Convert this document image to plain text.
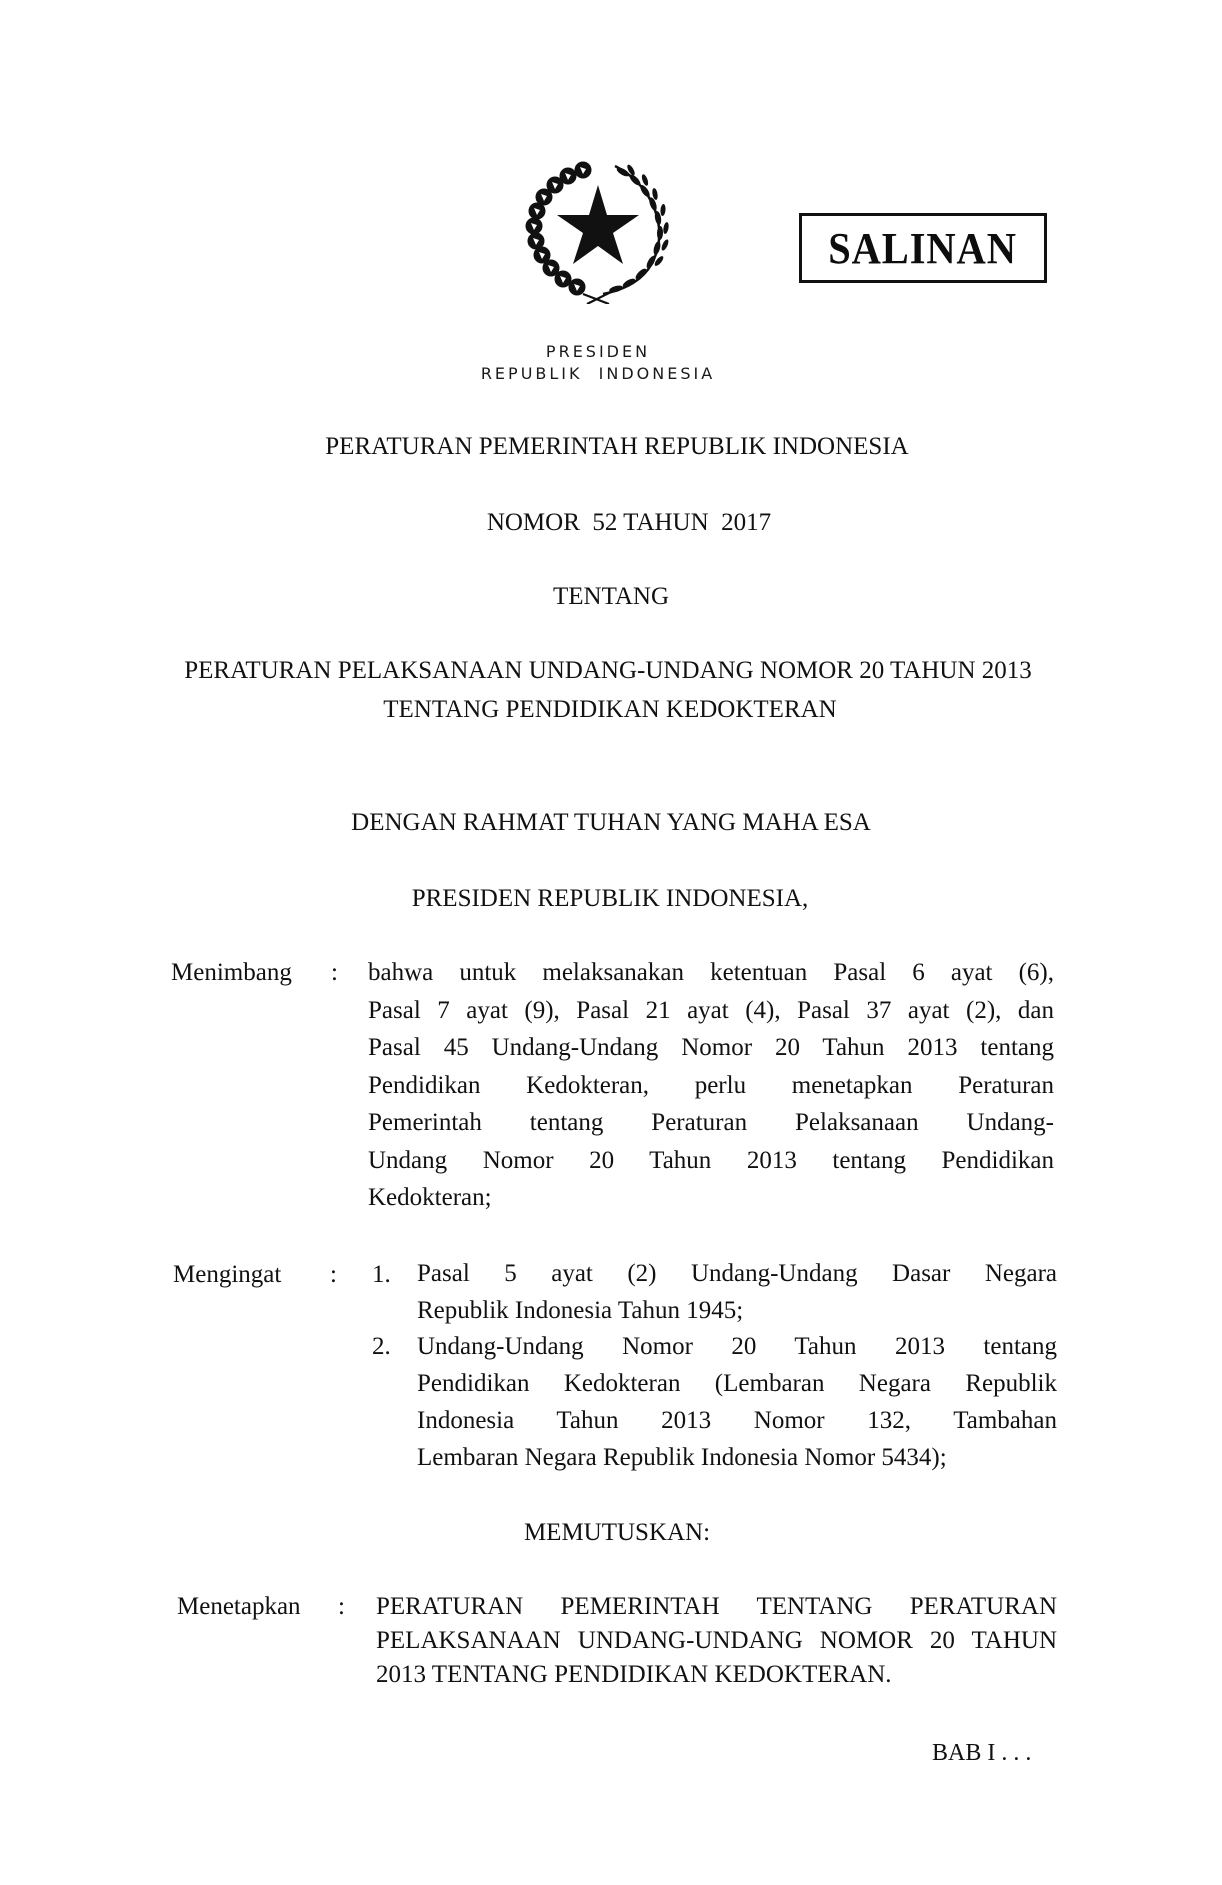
SALINAN
PRESIDEN
REPUBLIK  INDONESIA
PERATURAN PEMERINTAH REPUBLIK INDONESIA
NOMOR  52 TAHUN  2017
TENTANG
PERATURAN PELAKSANAAN UNDANG-UNDANG NOMOR 20 TAHUN 2013
TENTANG PENDIDIKAN KEDOKTERAN
DENGAN RAHMAT TUHAN YANG MAHA ESA
PRESIDEN REPUBLIK INDONESIA,
Menimbang : bahwa untuk melaksanakan ketentuan Pasal 6 ayat (6),
Pasal 7 ayat (9), Pasal 21 ayat (4), Pasal 37 ayat (2), dan
Pasal 45 Undang-Undang Nomor 20 Tahun 2013 tentang
Pendidikan Kedokteran, perlu menetapkan Peraturan
Pemerintah tentang Peraturan Pelaksanaan Undang-
Undang Nomor 20 Tahun 2013 tentang Pendidikan
Kedokteran;
Mengingat : 1. Pasal 5 ayat (2) Undang-Undang Dasar Negara
Republik Indonesia Tahun 1945;
2. Undang-Undang Nomor 20 Tahun 2013 tentang
Pendidikan Kedokteran (Lembaran Negara Republik
Indonesia Tahun 2013 Nomor 132, Tambahan
Lembaran Negara Republik Indonesia Nomor 5434);
MEMUTUSKAN:
Menetapkan : PERATURAN PEMERINTAH TENTANG PERATURAN
PELAKSANAAN UNDANG-UNDANG NOMOR 20 TAHUN
2013 TENTANG PENDIDIKAN KEDOKTERAN.
BAB I . . .
